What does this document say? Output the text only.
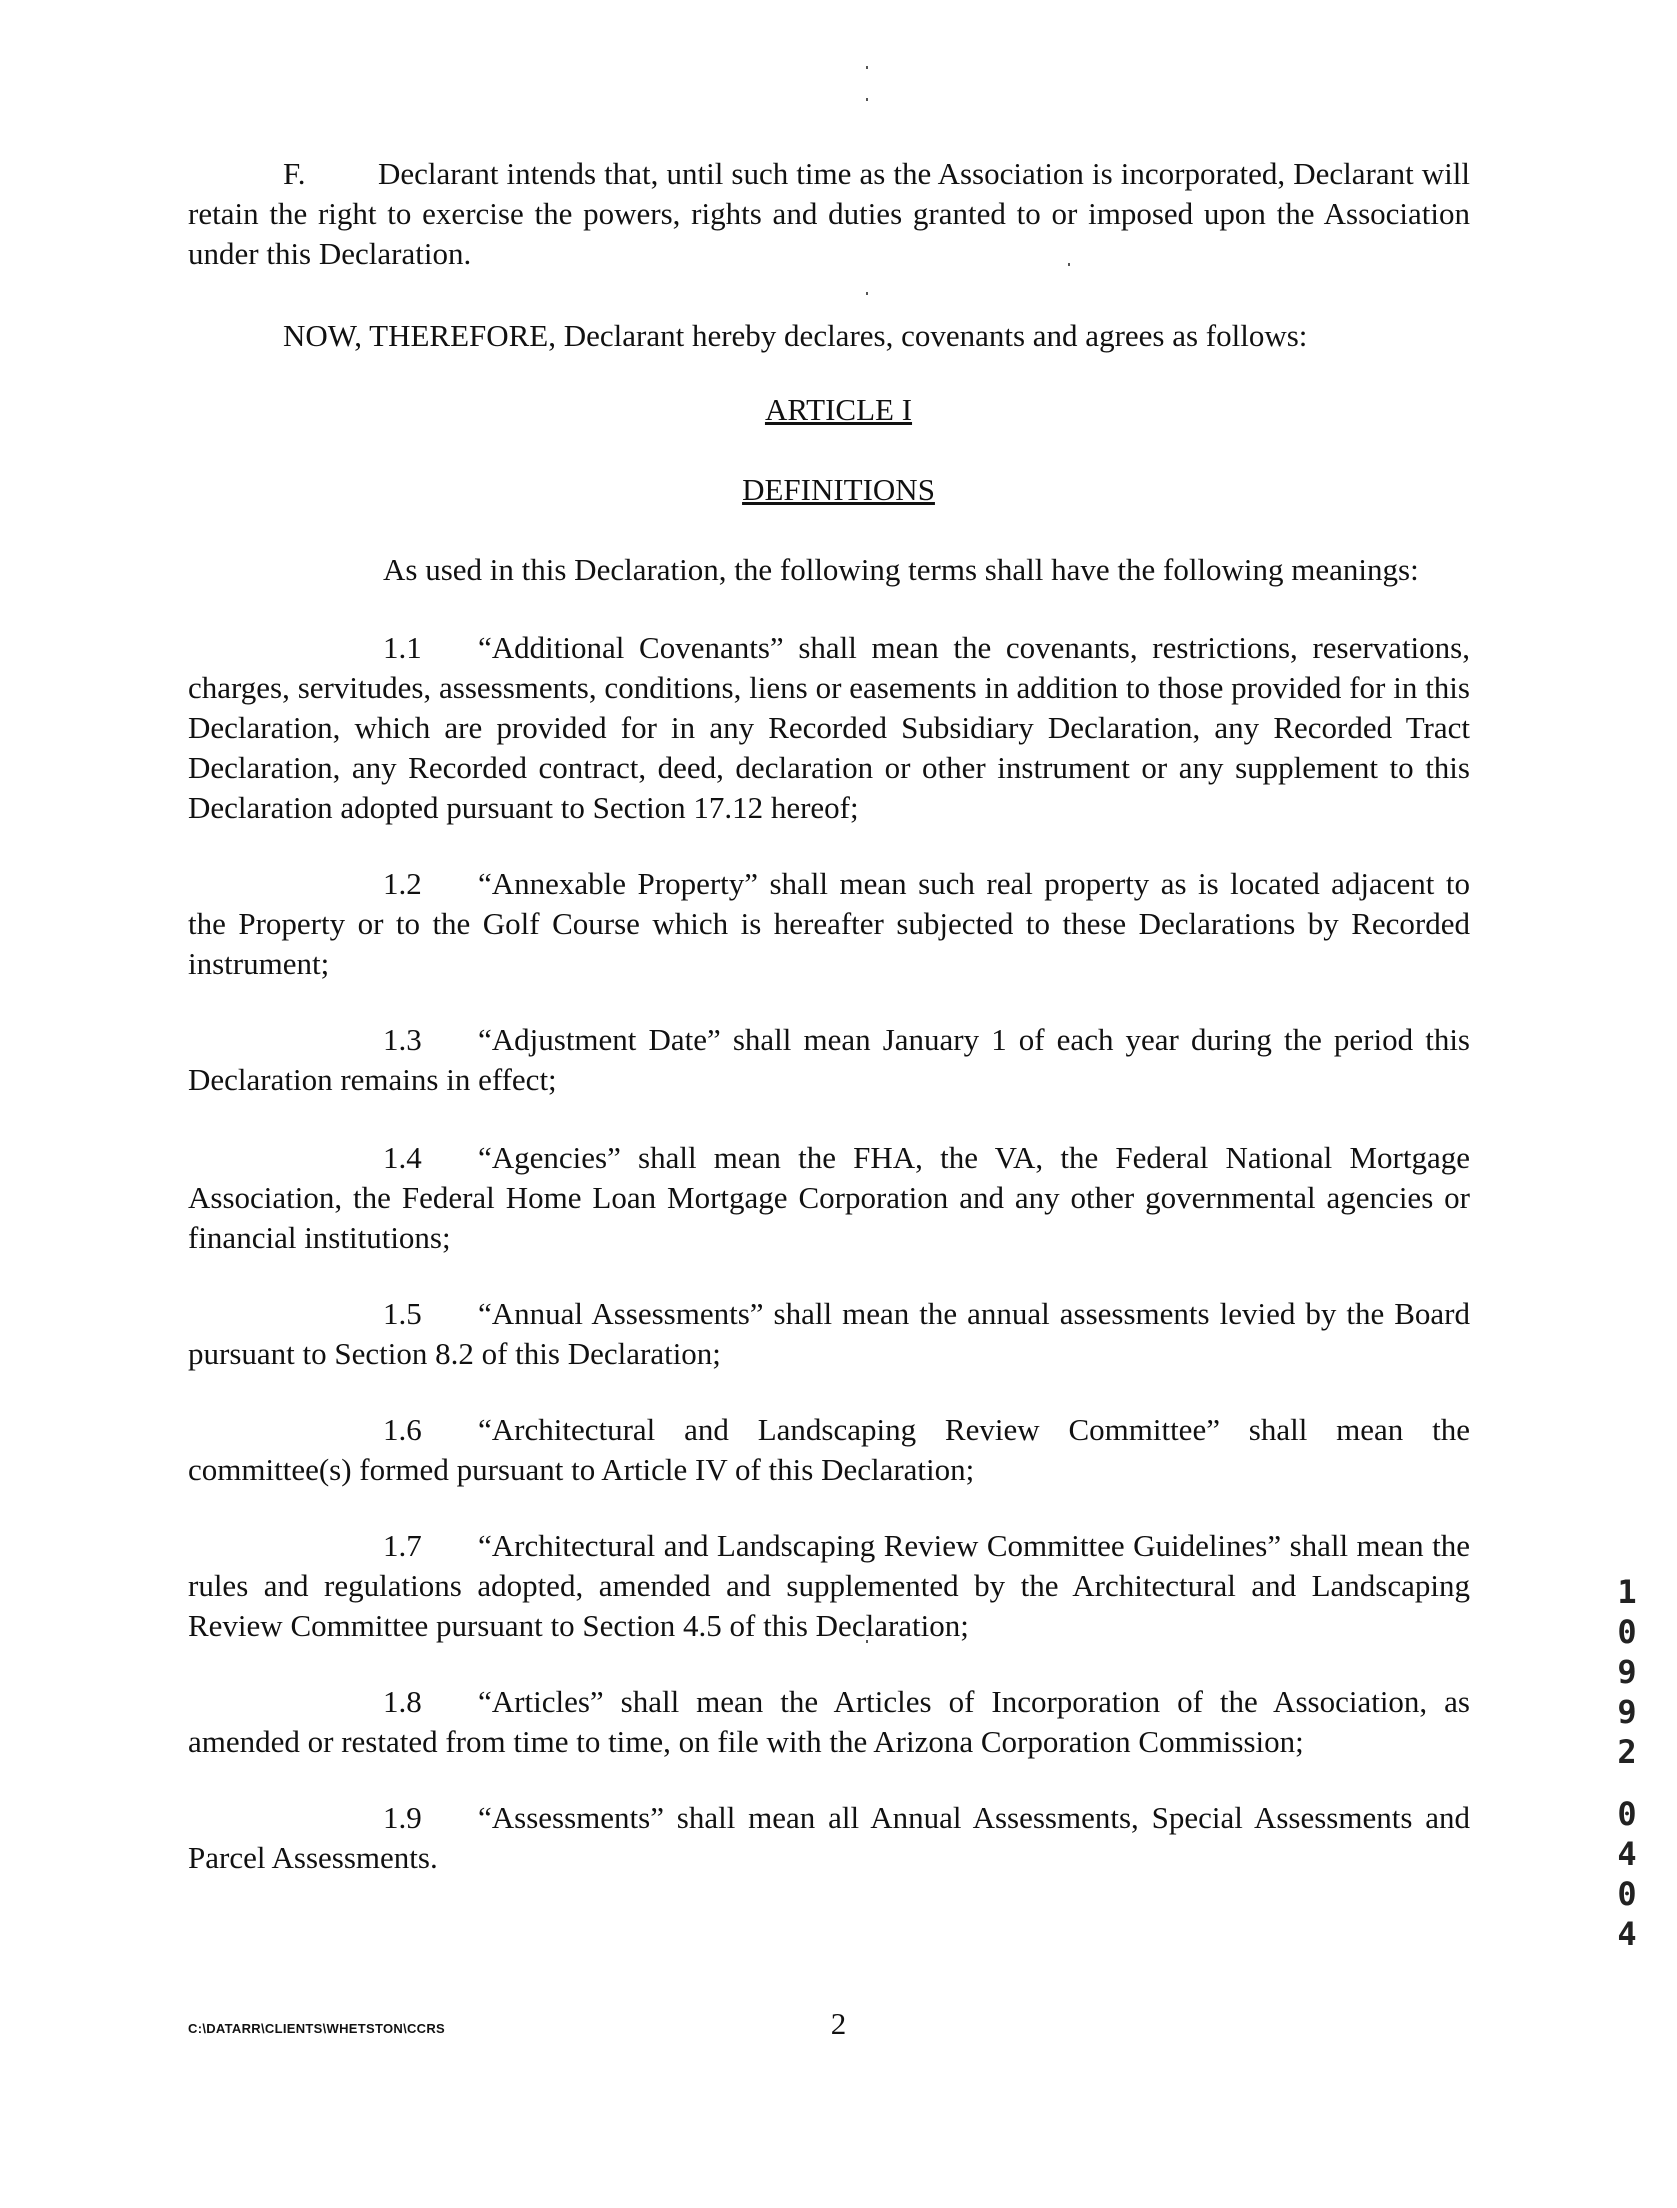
F. Declarant intends that, until such time as the Association is incorporated, Declarant will retain the right to exercise the powers, rights and duties granted to or imposed upon the Association under this Declaration.
NOW, THEREFORE, Declarant hereby declares, covenants and agrees as follows:
ARTICLE I
DEFINITIONS
As used in this Declaration, the following terms shall have the following meanings:
1.1 “Additional Covenants” shall mean the covenants, restrictions, reservations, charges, servitudes, assessments, conditions, liens or easements in addition to those provided for in this Declaration, which are provided for in any Recorded Subsidiary Declaration, any Recorded Tract Declaration, any Recorded contract, deed, declaration or other instrument or any supplement to this Declaration adopted pursuant to Section 17.12 hereof;
1.2 “Annexable Property” shall mean such real property as is located adjacent to the Property or to the Golf Course which is hereafter subjected to these Declarations by Recorded instrument;
1.3 “Adjustment Date” shall mean January 1 of each year during the period this Declaration remains in effect;
1.4 “Agencies” shall mean the FHA, the VA, the Federal National Mortgage Association, the Federal Home Loan Mortgage Corporation and any other governmental agencies or financial institutions;
1.5 “Annual Assessments” shall mean the annual assessments levied by the Board pursuant to Section 8.2 of this Declaration;
1.6 “Architectural and Landscaping Review Committee” shall mean the committee(s) formed pursuant to Article IV of this Declaration;
1.7 “Architectural and Landscaping Review Committee Guidelines” shall mean the rules and regulations adopted, amended and supplemented by the Architectural and Landscaping Review Committee pursuant to Section 4.5 of this Declaration;
1.8 “Articles” shall mean the Articles of Incorporation of the Association, as amended or restated from time to time, on file with the Arizona Corporation Commission;
1.9 “Assessments” shall mean all Annual Assessments, Special Assessments and Parcel Assessments.
1
0
9
9
2
0
4
0
4
C:\DATARR\CLIENTS\WHETSTON\CCRS	2
